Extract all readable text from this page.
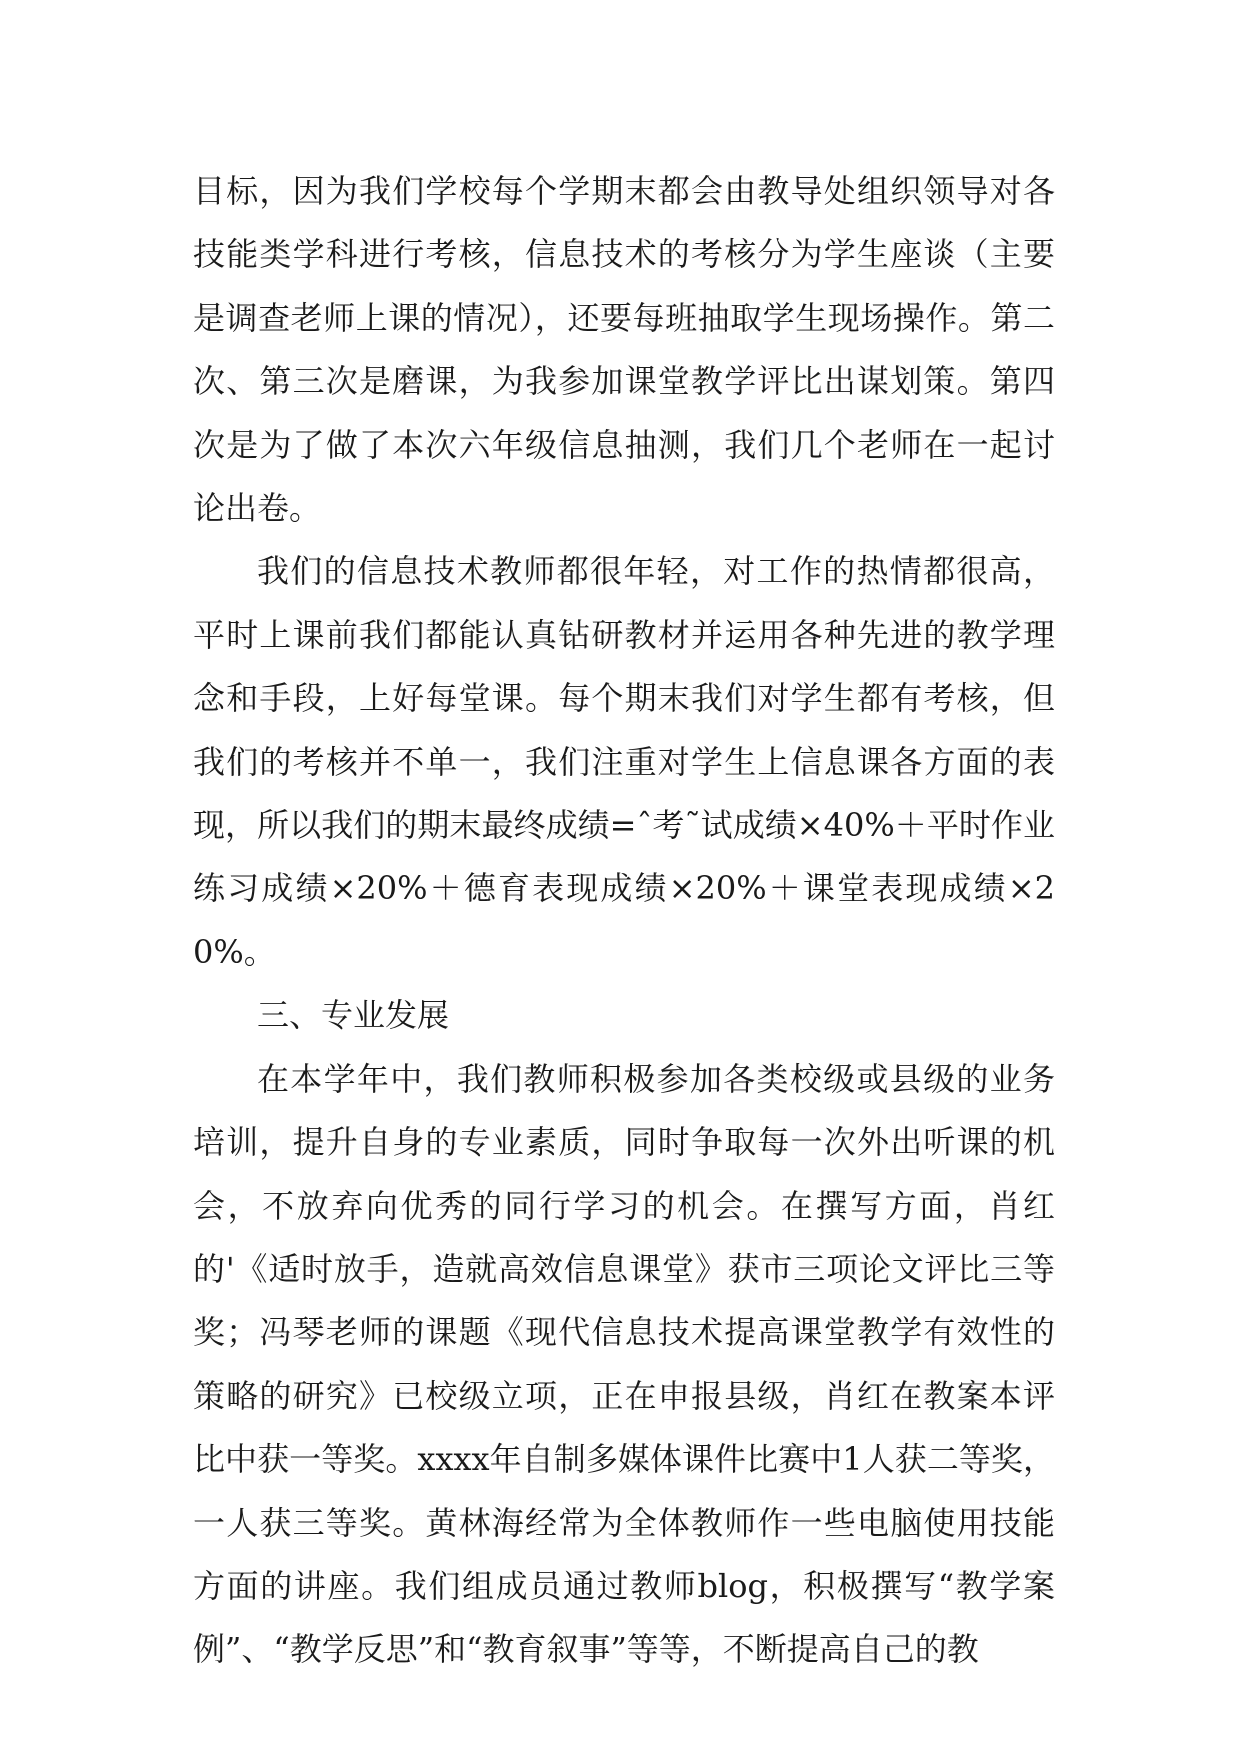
目标，因为我们学校每个学期末都会由教导处组织领导对各技能类学科进行考核，信息技术的考核分为学生座谈（主要是调查老师上课的情况），还要每班抽取学生现场操作。第二次、第三次是磨课，为我参加课堂教学评比出谋划策。第四次是为了做了本次六年级信息抽测，我们几个老师在一起讨论出卷。

我们的信息技术教师都很年轻，对工作的热情都很高，平时上课前我们都能认真钻研教材并运用各种先进的教学理念和手段，上好每堂课。每个期末我们对学生都有考核，但我们的考核并不单一，我们注重对学生上信息课各方面的表现，所以我们的期末最终成绩=ˆ考˜试成绩×40%＋平时作业练习成绩×20%＋德育表现成绩×20%＋课堂表现成绩×20%。

三、专业发展

在本学年中，我们教师积极参加各类校级或县级的业务培训，提升自身的专业素质，同时争取每一次外出听课的机会，不放弃向优秀的同行学习的机会。在撰写方面，肖红的'《适时放手，造就高效信息课堂》获市三项论文评比三等奖；冯琴老师的课题《现代信息技术提高课堂教学有效性的策略的研究》已校级立项，正在申报县级，肖红在教案本评比中获一等奖。xxxx年自制多媒体课件比赛中1人获二等奖，一人获三等奖。黄林海经常为全体教师作一些电脑使用技能方面的讲座。我们组成员通过教师blog，积极撰写“教学案例”、“教学反思”和“教育叙事”等等，不断提高自己的教
